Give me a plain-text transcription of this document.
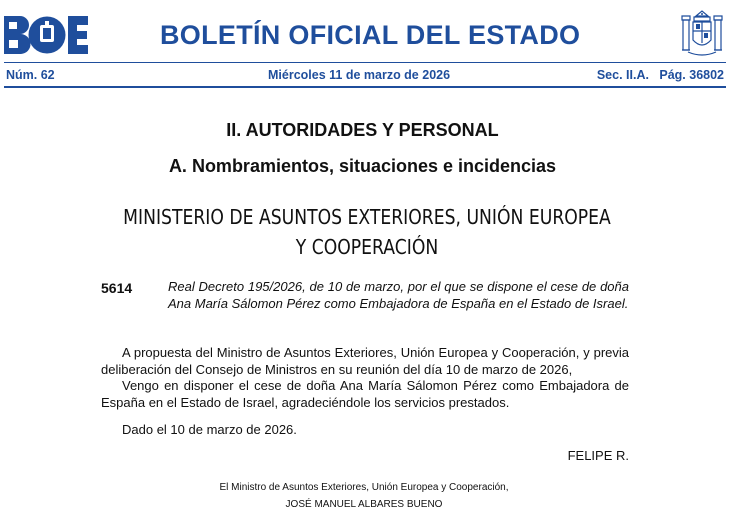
BOLETÍN OFICIAL DEL ESTADO
Núm. 62	Miércoles 11 de marzo de 2026	Sec. II.A.   Pág. 36802
II. AUTORIDADES Y PERSONAL
A. Nombramientos, situaciones e incidencias
MINISTERIO DE ASUNTOS EXTERIORES, UNIÓN EUROPEA
Y COOPERACIÓN
5614	Real Decreto 195/2026, de 10 de marzo, por el que se dispone el cese de doña Ana María Sálomon Pérez como Embajadora de España en el Estado de Israel.
A propuesta del Ministro de Asuntos Exteriores, Unión Europea y Cooperación, y previa deliberación del Consejo de Ministros en su reunión del día 10 de marzo de 2026,
Vengo en disponer el cese de doña Ana María Sálomon Pérez como Embajadora de España en el Estado de Israel, agradeciéndole los servicios prestados.
Dado el 10 de marzo de 2026.
FELIPE R.
El Ministro de Asuntos Exteriores, Unión Europea y Cooperación,
JOSÉ MANUEL ALBARES BUENO
